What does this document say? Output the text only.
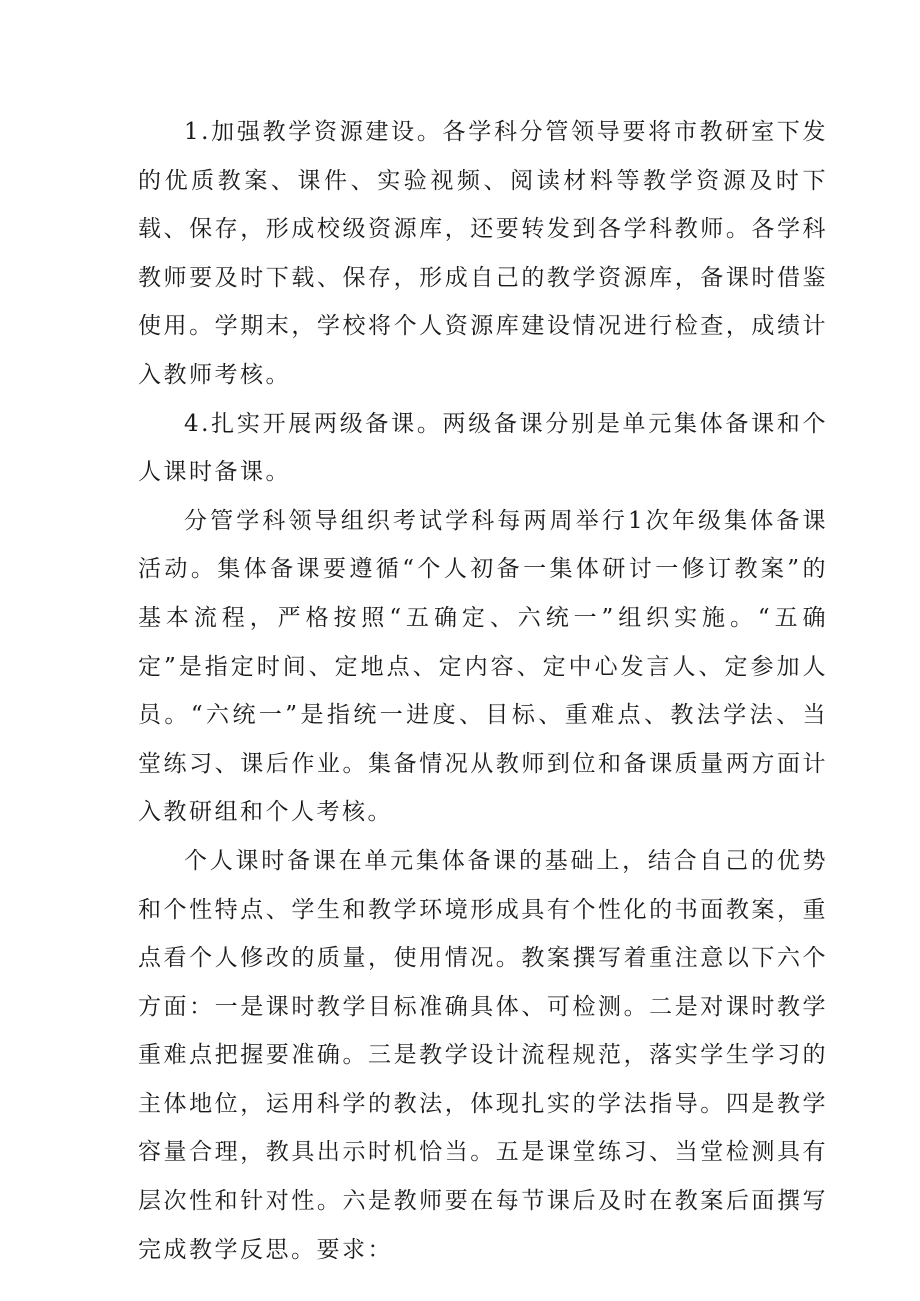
1.加强教学资源建设。各学科分管领导要将市教研室下发的优质教案、课件、实验视频、阅读材料等教学资源及时下载、保存，形成校级资源库，还要转发到各学科教师。各学科教师要及时下载、保存，形成自己的教学资源库，备课时借鉴使用。学期末，学校将个人资源库建设情况进行检查，成绩计入教师考核。

4.扎实开展两级备课。两级备课分别是单元集体备课和个人课时备课。

分管学科领导组织考试学科每两周举行1次年级集体备课活动。集体备课要遵循“个人初备一集体研讨一修订教案”的基本流程，严格按照“五确定、六统一”组织实施。“五确定”是指定时间、定地点、定内容、定中心发言人、定参加人员。“六统一”是指统一进度、目标、重难点、教法学法、当堂练习、课后作业。集备情况从教师到位和备课质量两方面计入教研组和个人考核。

个人课时备课在单元集体备课的基础上，结合自己的优势和个性特点、学生和教学环境形成具有个性化的书面教案，重点看个人修改的质量，使用情况。教案撰写着重注意以下六个方面：一是课时教学目标准确具体、可检测。二是对课时教学重难点把握要准确。三是教学设计流程规范，落实学生学习的主体地位，运用科学的教法，体现扎实的学法指导。四是教学容量合理，教具出示时机恰当。五是课堂练习、当堂检测具有层次性和针对性。六是教师要在每节课后及时在教案后面撰写完成教学反思。要求：
